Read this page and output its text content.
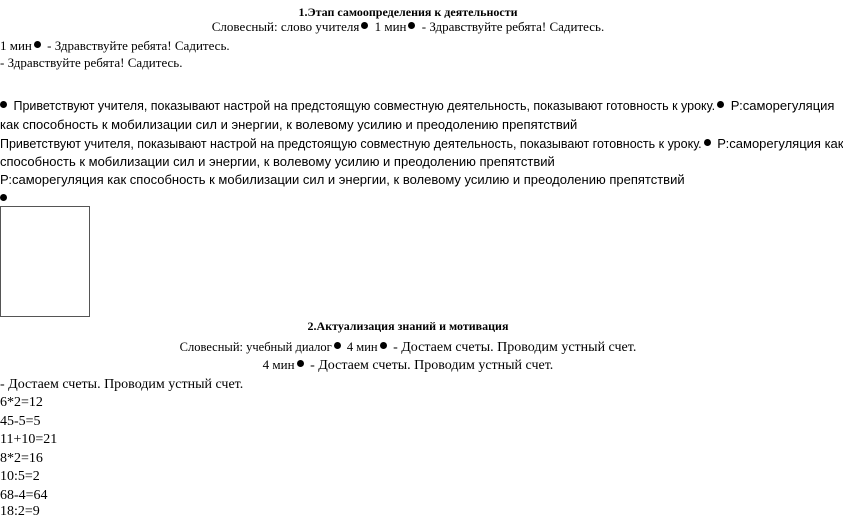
1.Этап самоопределения к деятельности
Словесный: слово учителя 1 мин - Здравствуйте ребята! Садитесь.
1 мин - Здравствуйте ребята! Садитесь.
- Здравствуйте ребята! Садитесь.
Приветствуют учителя, показывают настрой на предстоящую совместную деятельность, показывают готовность к уроку. Р:саморегуляция
как способность к мобилизации сил и энергии, к волевому усилию и преодолению препятствий
Приветствуют учителя, показывают настрой на предстоящую совместную деятельность, показывают готовность к уроку. Р:саморегуляция как
способность к мобилизации сил и энергии, к волевому усилию и преодолению препятствий
Р:саморегуляция как способность к мобилизации сил и энергии, к волевому усилию и преодолению препятствий
2.Актуализация знаний и мотивация
Словесный: учебный диалог 4 мин - Достаем счеты. Проводим устный счет.
4 мин - Достаем счеты. Проводим устный счет.
- Достаем счеты. Проводим устный счет.
6*2=12
45-5=5
11+10=21
8*2=16
10:5=2
68-4=64
18:2=9
